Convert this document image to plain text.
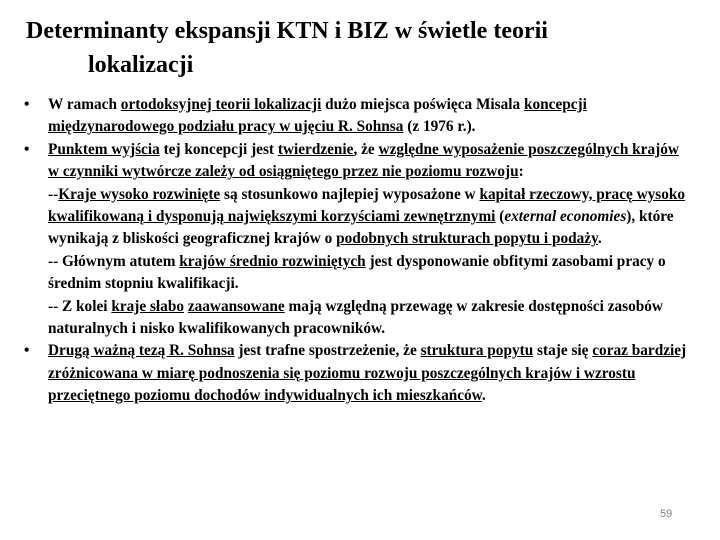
Determinanty ekspansji KTN i BIZ w świetle teorii
lokalizacji
• W ramach ortodoksyjnej teorii lokalizacji dużo miejsca poświęca Misala koncepcji międzynarodowego podziału pracy w ujęciu R. Sohnsa (z 1976 r.).
• Punktem wyjścia tej koncepcji jest twierdzenie, że względne wyposażenie poszczególnych krajów w czynniki wytwórcze zależy od osiągniętego przez nie poziomu rozwoju:
--Kraje wysoko rozwinięte są stosunkowo najlepiej wyposażone w kapitał rzeczowy, pracę wysoko kwalifikowaną i dysponują największymi korzyściami zewnętrznymi (external economies), które wynikają z bliskości geograficznej krajów o podobnych strukturach popytu i podaży.
-- Głównym atutem krajów średnio rozwiniętych jest dysponowanie obfitymi zasobami pracy o średnim stopniu kwalifikacji.
-- Z kolei kraje słabo zaawansowane mają względną przewagę w zakresie dostępności zasobów naturalnych i nisko kwalifikowanych pracowników.
• Drugą ważną tezą R. Sohnsa jest trafne spostrzeżenie, że struktura popytu staje się coraz bardziej zróżnicowana w miarę podnoszenia się poziomu rozwoju poszczególnych krajów i wzrostu przeciętnego poziomu dochodów indywidualnych ich mieszkańców.
59
